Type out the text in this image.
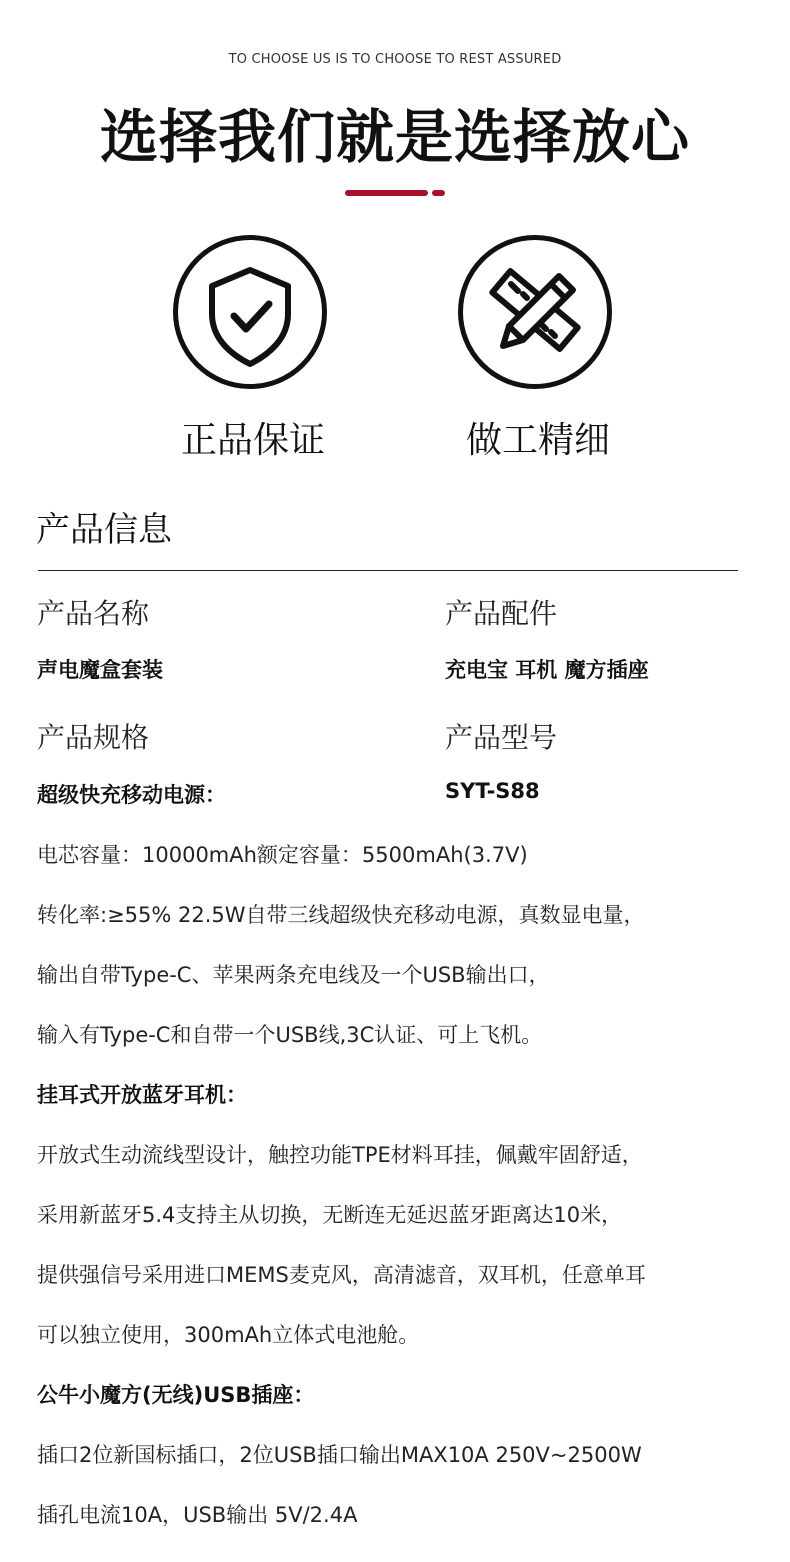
TO CHOOSE US IS TO CHOOSE TO REST ASSURED
选择我们就是选择放心
正品保证	做工精细
产品信息
产品名称
声电魔盒套装
产品配件
充电宝 耳机 魔方插座
产品规格
超级快充移动电源：
产品型号
SYT-S88
电芯容量：10000mAh额定容量：5500mAh(3.7V)
转化率:≥55% 22.5W自带三线超级快充移动电源，真数显电量，
输出自带Type-C、苹果两条充电线及一个USB输出口，
输入有Type-C和自带一个USB线,3C认证、可上飞机。
挂耳式开放蓝牙耳机：
开放式生动流线型设计，触控功能TPE材料耳挂，佩戴牢固舒适，
采用新蓝牙5.4支持主从切换，无断连无延迟蓝牙距离达10米，
提供强信号采用进口MEMS麦克风，高清滤音，双耳机，任意单耳
可以独立使用，300mAh立体式电池舱。
公牛小魔方(无线)USB插座：
插口2位新国标插口，2位USB插口输出MAX10A 250V~2500W
插孔电流10A，USB输出 5V/2.4A
